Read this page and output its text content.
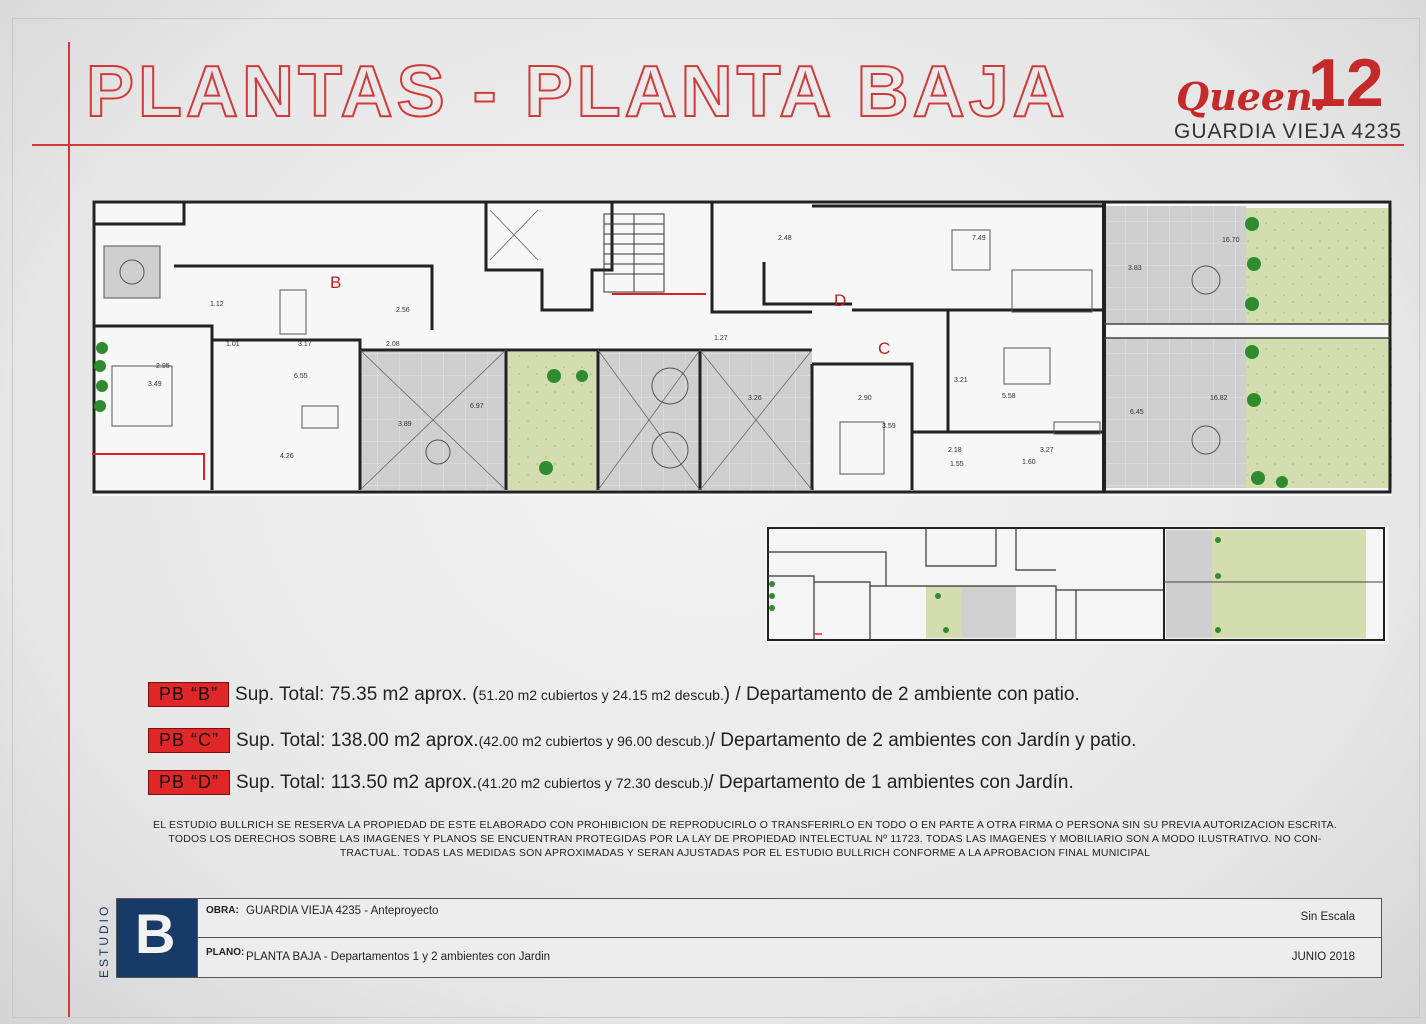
PLANTAS - PLANTA BAJA	Queen.
12
GUARDIA VIEJA 4235
B
D
C
2.48	7.49	16.70
3.83
1.12
2.56
1.01	3.17	2.08
1.27
2.95
3.49
6.55
6.97
3.89
4.26
3.26	2.90
3.21
5.58
3.59
2.18
1.55	1.60
3.27
6.45
16.82
PB “B” Sup. Total: 75.35 m2 aprox. ( 51.20 m2 cubiertos y 24.15 m2 descub. ) / Departamento de 2 ambiente con patio.
PB “C” Sup. Total: 138.00 m2 aprox. (42.00 m2 cubiertos y 96.00 descub.) / Departamento de 2 ambientes con Jardín y patio.
PB “D” Sup. Total: 113.50 m2 aprox. (41.20 m2 cubiertos y 72.30 descub.) / Departamento de 1 ambientes con Jardín.
EL ESTUDIO BULLRICH SE RESERVA LA PROPIEDAD DE ESTE ELABORADO CON PROHIBICION DE REPRODUCIRLO O TRANSFERIRLO EN TODO O EN PARTE A OTRA FIRMA O PERSONA SIN SU PREVIA AUTORIZACION ESCRITA.
TODOS LOS DERECHOS SOBRE LAS IMAGENES Y PLANOS SE ENCUENTRAN PROTEGIDAS POR LA LAY DE PROPIEDAD INTELECTUAL Nº 11723. TODAS LAS IMAGENES Y MOBILIARIO SON A MODO ILUSTRATIVO. NO CON-
TRACTUAL. TODAS LAS MEDIDAS SON APROXIMADAS Y SERAN AJUSTADAS POR EL ESTUDIO BULLRICH CONFORME A LA APROBACION FINAL MUNICIPAL
ESTUDIO B	OBRA: GUARDIA VIEJA 4235 - Anteproyecto	Sin Escala
PLANO: PLANTA BAJA - Departamentos 1 y 2 ambientes con Jardin	JUNIO 2018
